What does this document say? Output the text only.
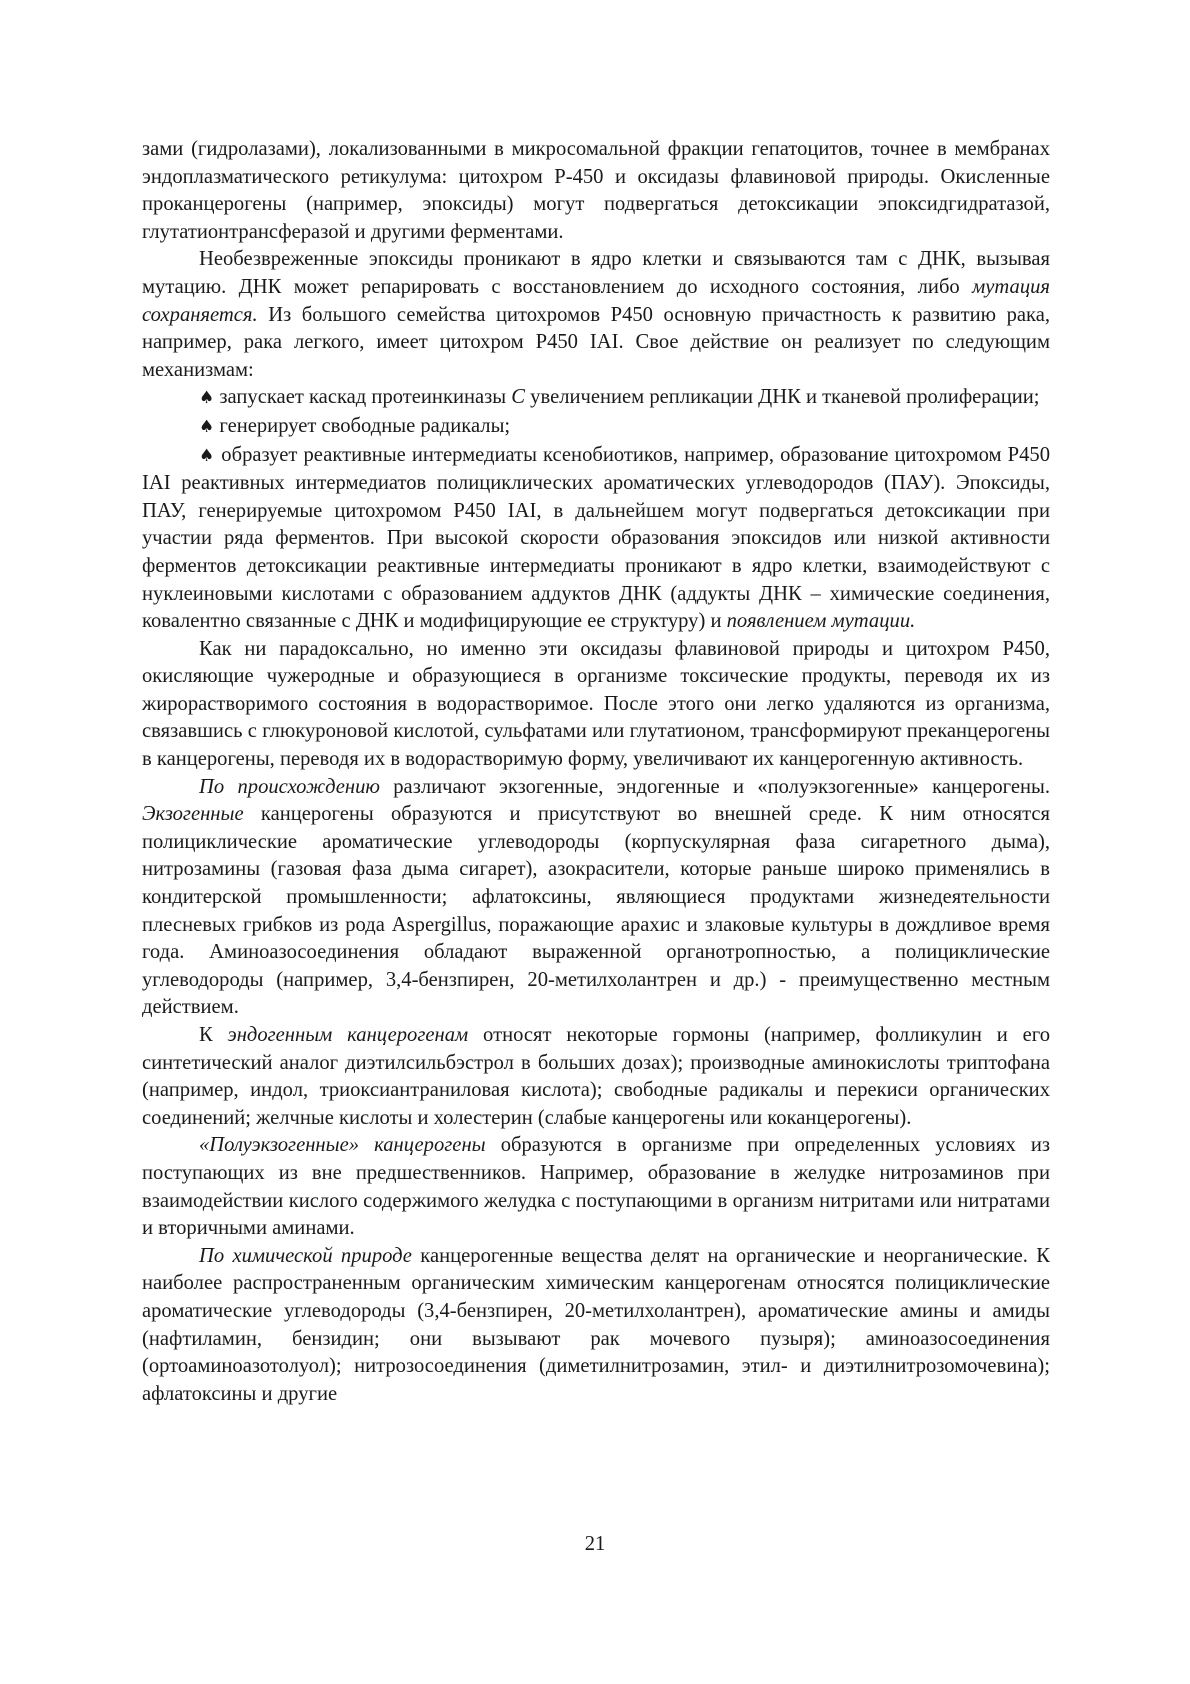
зами (гидролазами), локализованными в микросомальной фракции гепатоцитов, точнее в мембранах эндоплазматического ретикулума: цитохром Р-450 и оксидазы флавиновой природы. Окисленные проканцерогены (например, эпоксиды) могут подвергаться детоксикации эпоксидгидратазой, глутатионтрансферазой и другими ферментами.

Необезвреженные эпоксиды проникают в ядро клетки и связываются там с ДНК, вызывая мутацию. ДНК может репарировать с восстановлением до исходного состояния, либо мутация сохраняется. Из большого семейства цитохромов Р450 основную причастность к развитию рака, например, рака легкого, имеет цитохром Р450 IAI. Свое действие он реализует по следующим механизмам:

♠ запускает каскад протеинкиназы С увеличением репликации ДНК и тканевой пролиферации;

♠ генерирует свободные радикалы;

♠ образует реактивные интермедиаты ксенобиотиков, например, образование цитохромом Р450 IAI реактивных интермедиатов полициклических ароматических углеводородов (ПАУ). Эпоксиды, ПАУ, генерируемые цитохромом Р450 IAI, в дальнейшем могут подвергаться детоксикации при участии ряда ферментов. При высокой скорости образования эпоксидов или низкой активности ферментов детоксикации реактивные интермедиаты проникают в ядро клетки, взаимодействуют с нуклеиновыми кислотами с образованием аддуктов ДНК (аддукты ДНК – химические соединения, ковалентно связанные с ДНК и модифицирующие ее структуру) и появлением мутации.

Как ни парадоксально, но именно эти оксидазы флавиновой природы и цитохром Р450, окисляющие чужеродные и образующиеся в организме токсические продукты, переводя их из жирорастворимого состояния в водорастворимое. После этого они легко удаляются из организма, связавшись с глюкуроновой кислотой, сульфатами или глутатионом, трансформируют преканцерогены в канцерогены, переводя их в водорастворимую форму, увеличивают их канцерогенную активность.

По происхождению различают экзогенные, эндогенные и «полуэкзогенные» канцерогены. Экзогенные канцерогены образуются и присутствуют во внешней среде. К ним относятся полициклические ароматические углеводороды (корпускулярная фаза сигаретного дыма), нитрозамины (газовая фаза дыма сигарет), азокрасители, которые раньше широко применялись в кондитерской промышленности; афлатоксины, являющиеся продуктами жизнедеятельности плесневых грибков из рода Aspergillus, поражающие арахис и злаковые культуры в дождливое время года. Аминоазосоединения обладают выраженной органотропностью, а полициклические углеводороды (например, 3,4-бензпирен, 20-метилхолантрен и др.) - преимущественно местным действием.

К эндогенным канцерогенам относят некоторые гормоны (например, фолликулин и его синтетический аналог диэтилсильбэстрол в больших дозах); производные аминокислоты триптофана (например, индол, триоксиантраниловая кислота); свободные радикалы и перекиси органических соединений; желчные кислоты и холестерин (слабые канцерогены или коканцерогены).

«Полуэкзогенные» канцерогены образуются в организме при определенных условиях из поступающих из вне предшественников. Например, образование в желудке нитрозаминов при взаимодействии кислого содержимого желудка с поступающими в организм нитритами или нитратами и вторичными аминами.

По химической природе канцерогенные вещества делят на органические и неорганические. К наиболее распространенным органическим химическим канцерогенам относятся полициклические ароматические углеводороды (3,4-бензпирен, 20-метилхолантрен), ароматические амины и амиды (нафтиламин, бензидин; они вызывают рак мочевого пузыря); аминоазосоединения (ортоаминоазотолуол); нитрозосоединения (диметилнитрозамин, этил- и диэтилнитрозомочевина); афлатоксины и другие

21
